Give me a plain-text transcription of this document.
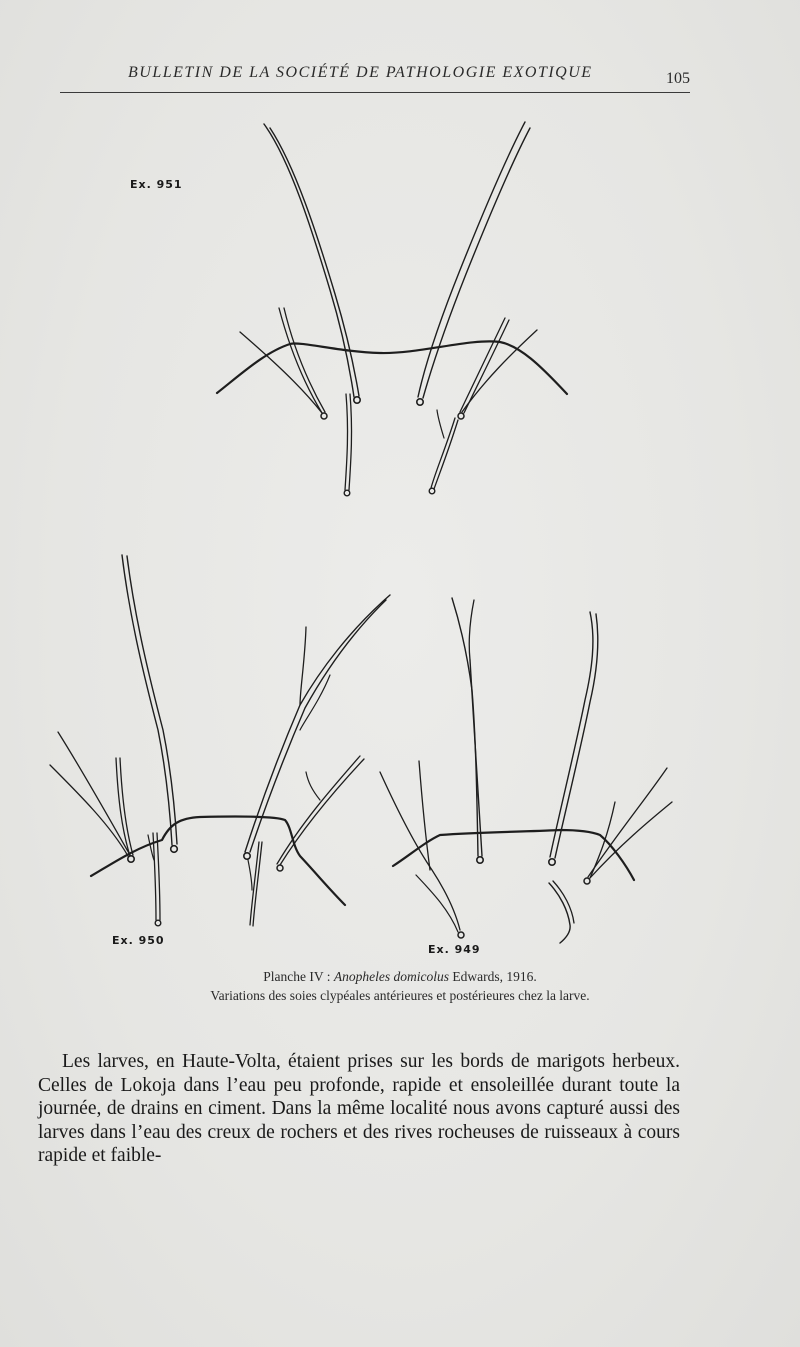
BULLETIN DE LA SOCIÉTÉ DE PATHOLOGIE EXOTIQUE	105
Ex. 951
Ex. 950
Ex. 949
Planche IV : Anopheles domicolus Edwards, 1916.
Variations des soies clypéales antérieures et postérieures chez la larve.

Les larves, en Haute-Volta, étaient prises sur les bords de marigots herbeux. Celles de Lokoja dans l’eau peu profonde, rapide et ensoleillée durant toute la journée, de drains en ciment. Dans la même localité nous avons capturé aussi des larves dans l’eau des creux de rochers et des rives rocheuses de ruisseaux à cours rapide et faible-
